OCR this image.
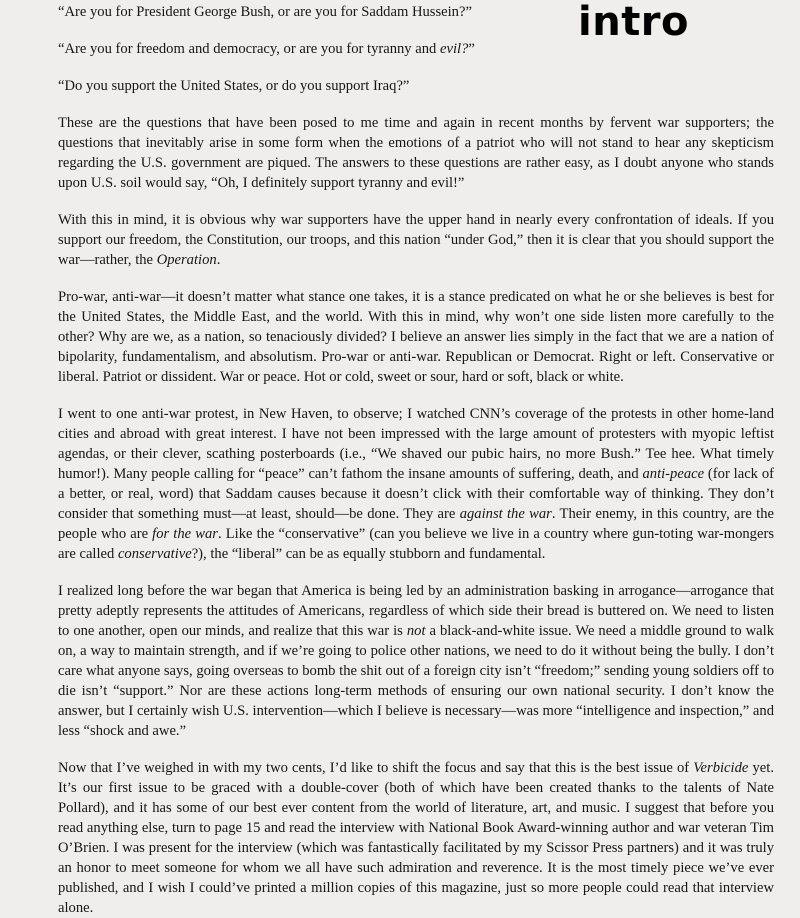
intro

“Are you for President George Bush, or are you for Saddam Hussein?”

“Are you for freedom and democracy, or are you for tyranny and evil?”

“Do you support the United States, or do you support Iraq?”

These are the questions that have been posed to me time and again in recent months by fervent war supporters; the questions that inevitably arise in some form when the emotions of a patriot who will not stand to hear any skepticism regarding the U.S. government are piqued. The answers to these questions are rather easy, as I doubt anyone who stands upon U.S. soil would say, “Oh, I definitely support tyranny and evil!”

With this in mind, it is obvious why war supporters have the upper hand in nearly every confrontation of ideals. If you support our freedom, the Constitution, our troops, and this nation “under God,” then it is clear that you should support the war—rather, the Operation.

Pro-war, anti-war—it doesn’t matter what stance one takes, it is a stance predicated on what he or she believes is best for the United States, the Middle East, and the world. With this in mind, why won’t one side listen more carefully to the other? Why are we, as a nation, so tenaciously divided? I believe an answer lies simply in the fact that we are a nation of bipolarity, fundamentalism, and absolutism. Pro-war or anti-war. Republican or Democrat. Right or left. Conservative or liberal. Patriot or dissident. War or peace. Hot or cold, sweet or sour, hard or soft, black or white.

I went to one anti-war protest, in New Haven, to observe; I watched CNN’s coverage of the protests in other home-land cities and abroad with great interest. I have not been impressed with the large amount of protesters with myopic leftist agendas, or their clever, scathing posterboards (i.e., “We shaved our pubic hairs, no more Bush.” Tee hee. What timely humor!). Many people calling for “peace” can’t fathom the insane amounts of suffering, death, and anti-peace (for lack of a better, or real, word) that Saddam causes because it doesn’t click with their comfortable way of thinking. They don’t consider that something must—at least, should—be done. They are against the war. Their enemy, in this country, are the people who are for the war. Like the “conservative” (can you believe we live in a country where gun-toting war-mongers are called conservative?), the “liberal” can be as equally stubborn and fundamental.

I realized long before the war began that America is being led by an administration basking in arrogance—arrogance that pretty adeptly represents the attitudes of Americans, regardless of which side their bread is buttered on. We need to listen to one another, open our minds, and realize that this war is not a black-and-white issue. We need a middle ground to walk on, a way to maintain strength, and if we’re going to police other nations, we need to do it without being the bully. I don’t care what anyone says, going overseas to bomb the shit out of a foreign city isn’t “freedom;” sending young soldiers off to die isn’t “support.” Nor are these actions long-term methods of ensuring our own national security. I don’t know the answer, but I certainly wish U.S. intervention—which I believe is necessary—was more “intelligence and inspection,” and less “shock and awe.”

Now that I’ve weighed in with my two cents, I’d like to shift the focus and say that this is the best issue of Verbicide yet. It’s our first issue to be graced with a double-cover (both of which have been created thanks to the talents of Nate Pollard), and it has some of our best ever content from the world of literature, art, and music. I suggest that before you read anything else, turn to page 15 and read the interview with National Book Award-winning author and war veteran Tim O’Brien. I was present for the interview (which was fantastically facilitated by my Scissor Press partners) and it was truly an honor to meet someone for whom we all have such admiration and reverence. It is the most timely piece we’ve ever published, and I wish I could’ve printed a million copies of this magazine, just so more people could read that interview alone.
